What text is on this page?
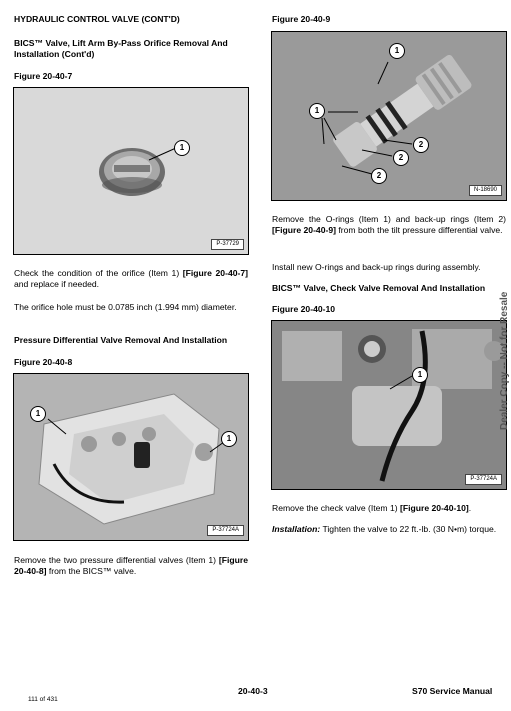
HYDRAULIC CONTROL VALVE (CONT'D)
BICS™ Valve, Lift Arm By-Pass Orifice Removal And Installation (Cont'd)
Figure 20-40-7
1
P-37729
Check the condition of the orifice (Item 1) [Figure 20-40-7] and replace if needed.
The orifice hole must be 0.0785 inch (1.994 mm) diameter.
Pressure Differential Valve Removal And Installation
Figure 20-40-8
1
1
P-37724A
Remove the two pressure differential valves (Item 1) [Figure 20-40-8] from the BICS™ valve.
Figure 20-40-9
1
1
2
2
2
N-18690
Remove the O-rings (Item 1) and back-up rings (Item 2) [Figure 20-40-9] from both the tilt pressure differential valve.
Install new O-rings and back-up rings during assembly.
BICS™ Valve, Check Valve Removal And Installation
Figure 20-40-10
1
P-37724A
Remove the check valve (Item 1) [Figure 20-40-10].
Installation: Tighten the valve to 22 ft.-lb. (30 N•m) torque.
Dealer Copy -- Not for Resale
111 of 431
20-40-3	S70 Service Manual
